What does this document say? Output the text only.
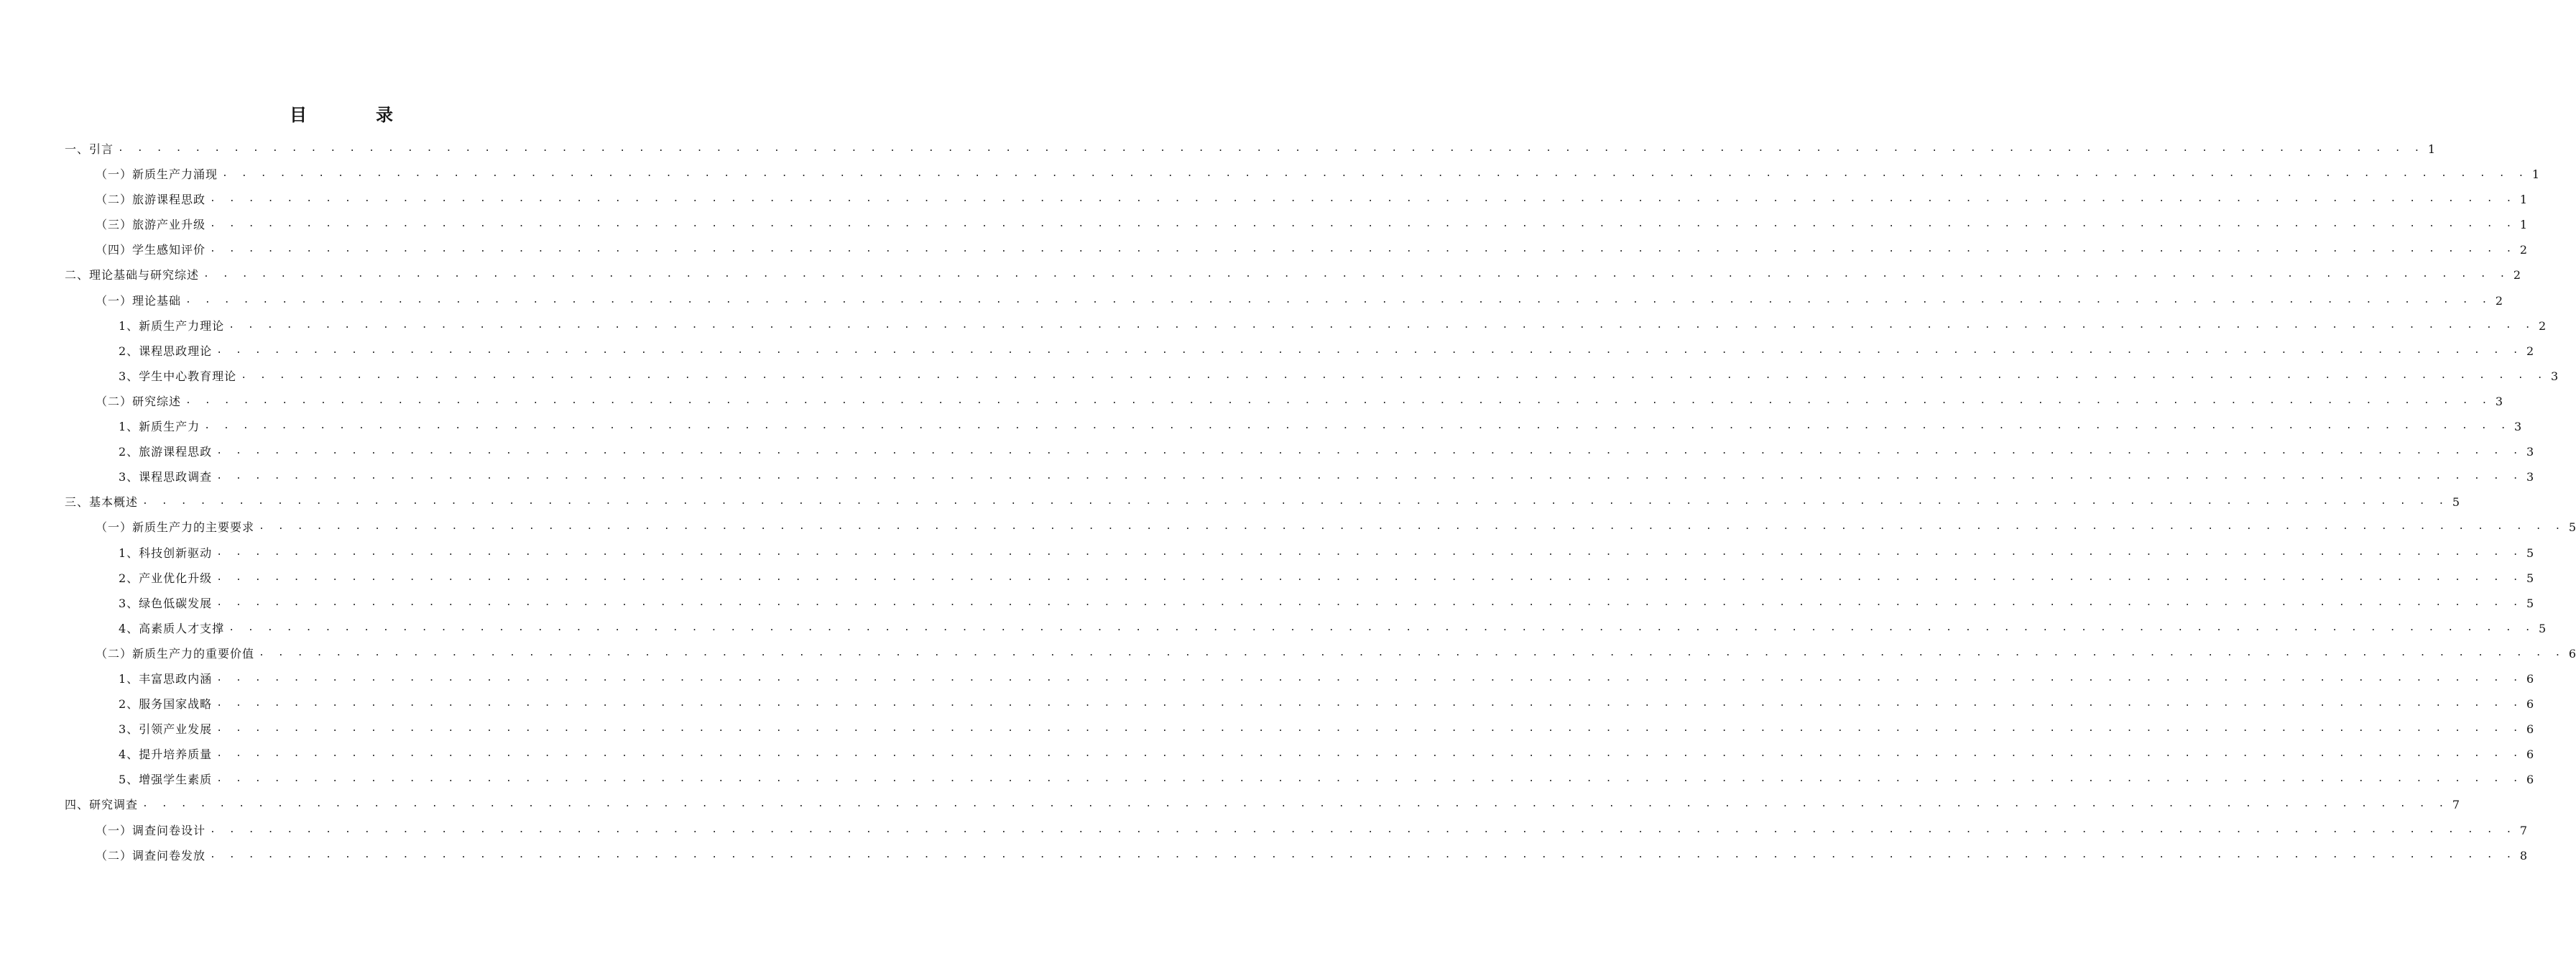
目　录
一、引言 . . . . . . . . . . . . . . . . . . . . . . . . . . . . . . . . . . . . . . . . . . . . . . . . . . . . . . . . . . . . . . . . . . . . . . . . . . . . . . . . . . . . . . . . . . . . . . . . . . . . . . . . . . . . . . . . . . . . . . . . 1
（一）新质生产力涌现 . . . . . . . . . . . . . . . . . . . . . . . . . . . . . . . . . . . . . . . . . . . . . . . . . . . . . . . . . . . . . . . . . . . . . . . . . . . . . . . . . . . . . . . . . . . . . . . . . . . . . . . . . . . . . . . . . . . . . . . . 1
（二）旅游课程思政 . . . . . . . . . . . . . . . . . . . . . . . . . . . . . . . . . . . . . . . . . . . . . . . . . . . . . . . . . . . . . . . . . . . . . . . . . . . . . . . . . . . . . . . . . . . . . . . . . . . . . . . . . . . . . . . . . . . . . . . . 1
（三）旅游产业升级 . . . . . . . . . . . . . . . . . . . . . . . . . . . . . . . . . . . . . . . . . . . . . . . . . . . . . . . . . . . . . . . . . . . . . . . . . . . . . . . . . . . . . . . . . . . . . . . . . . . . . . . . . . . . . . . . . . . . . . . . 1
（四）学生感知评价 . . . . . . . . . . . . . . . . . . . . . . . . . . . . . . . . . . . . . . . . . . . . . . . . . . . . . . . . . . . . . . . . . . . . . . . . . . . . . . . . . . . . . . . . . . . . . . . . . . . . . . . . . . . . . . . . . . . . . . . . 2
二、理论基础与研究综述 . . . . . . . . . . . . . . . . . . . . . . . . . . . . . . . . . . . . . . . . . . . . . . . . . . . . . . . . . . . . . . . . . . . . . . . . . . . . . . . . . . . . . . . . . . . . . . . . . . . . . . . . . . . . . . . . . . . . . . . . 2
（一）理论基础 . . . . . . . . . . . . . . . . . . . . . . . . . . . . . . . . . . . . . . . . . . . . . . . . . . . . . . . . . . . . . . . . . . . . . . . . . . . . . . . . . . . . . . . . . . . . . . . . . . . . . . . . . . . . . . . . . . . . . . . . 2
1、新质生产力理论 . . . . . . . . . . . . . . . . . . . . . . . . . . . . . . . . . . . . . . . . . . . . . . . . . . . . . . . . . . . . . . . . . . . . . . . . . . . . . . . . . . . . . . . . . . . . . . . . . . . . . . . . . . . . . . . . . . . . . . . . 2
2、课程思政理论 . . . . . . . . . . . . . . . . . . . . . . . . . . . . . . . . . . . . . . . . . . . . . . . . . . . . . . . . . . . . . . . . . . . . . . . . . . . . . . . . . . . . . . . . . . . . . . . . . . . . . . . . . . . . . . . . . . . . . . . . 2
3、学生中心教育理论 . . . . . . . . . . . . . . . . . . . . . . . . . . . . . . . . . . . . . . . . . . . . . . . . . . . . . . . . . . . . . . . . . . . . . . . . . . . . . . . . . . . . . . . . . . . . . . . . . . . . . . . . . . . . . . . . . . . . . . . . 3
（二）研究综述 . . . . . . . . . . . . . . . . . . . . . . . . . . . . . . . . . . . . . . . . . . . . . . . . . . . . . . . . . . . . . . . . . . . . . . . . . . . . . . . . . . . . . . . . . . . . . . . . . . . . . . . . . . . . . . . . . . . . . . . . 3
1、新质生产力 . . . . . . . . . . . . . . . . . . . . . . . . . . . . . . . . . . . . . . . . . . . . . . . . . . . . . . . . . . . . . . . . . . . . . . . . . . . . . . . . . . . . . . . . . . . . . . . . . . . . . . . . . . . . . . . . . . . . . . . . 3
2、旅游课程思政 . . . . . . . . . . . . . . . . . . . . . . . . . . . . . . . . . . . . . . . . . . . . . . . . . . . . . . . . . . . . . . . . . . . . . . . . . . . . . . . . . . . . . . . . . . . . . . . . . . . . . . . . . . . . . . . . . . . . . . . . 3
3、课程思政调查 . . . . . . . . . . . . . . . . . . . . . . . . . . . . . . . . . . . . . . . . . . . . . . . . . . . . . . . . . . . . . . . . . . . . . . . . . . . . . . . . . . . . . . . . . . . . . . . . . . . . . . . . . . . . . . . . . . . . . . . . 3
三、基本概述 . . . . . . . . . . . . . . . . . . . . . . . . . . . . . . . . . . . . . . . . . . . . . . . . . . . . . . . . . . . . . . . . . . . . . . . . . . . . . . . . . . . . . . . . . . . . . . . . . . . . . . . . . . . . . . . . . . . . . . . . 5
（一）新质生产力的主要要求 . . . . . . . . . . . . . . . . . . . . . . . . . . . . . . . . . . . . . . . . . . . . . . . . . . . . . . . . . . . . . . . . . . . . . . . . . . . . . . . . . . . . . . . . . . . . . . . . . . . . . . . . . . . . . . . . . . . . . . . . 5
1、科技创新驱动 . . . . . . . . . . . . . . . . . . . . . . . . . . . . . . . . . . . . . . . . . . . . . . . . . . . . . . . . . . . . . . . . . . . . . . . . . . . . . . . . . . . . . . . . . . . . . . . . . . . . . . . . . . . . . . . . . . . . . . . . 5
2、产业优化升级 . . . . . . . . . . . . . . . . . . . . . . . . . . . . . . . . . . . . . . . . . . . . . . . . . . . . . . . . . . . . . . . . . . . . . . . . . . . . . . . . . . . . . . . . . . . . . . . . . . . . . . . . . . . . . . . . . . . . . . . . 5
3、绿色低碳发展 . . . . . . . . . . . . . . . . . . . . . . . . . . . . . . . . . . . . . . . . . . . . . . . . . . . . . . . . . . . . . . . . . . . . . . . . . . . . . . . . . . . . . . . . . . . . . . . . . . . . . . . . . . . . . . . . . . . . . . . . 5
4、高素质人才支撑 . . . . . . . . . . . . . . . . . . . . . . . . . . . . . . . . . . . . . . . . . . . . . . . . . . . . . . . . . . . . . . . . . . . . . . . . . . . . . . . . . . . . . . . . . . . . . . . . . . . . . . . . . . . . . . . . . . . . . . . . 5
（二）新质生产力的重要价值 . . . . . . . . . . . . . . . . . . . . . . . . . . . . . . . . . . . . . . . . . . . . . . . . . . . . . . . . . . . . . . . . . . . . . . . . . . . . . . . . . . . . . . . . . . . . . . . . . . . . . . . . . . . . . . . . . . . . . . . . 6
1、丰富思政内涵 . . . . . . . . . . . . . . . . . . . . . . . . . . . . . . . . . . . . . . . . . . . . . . . . . . . . . . . . . . . . . . . . . . . . . . . . . . . . . . . . . . . . . . . . . . . . . . . . . . . . . . . . . . . . . . . . . . . . . . . . 6
2、服务国家战略 . . . . . . . . . . . . . . . . . . . . . . . . . . . . . . . . . . . . . . . . . . . . . . . . . . . . . . . . . . . . . . . . . . . . . . . . . . . . . . . . . . . . . . . . . . . . . . . . . . . . . . . . . . . . . . . . . . . . . . . . 6
3、引领产业发展 . . . . . . . . . . . . . . . . . . . . . . . . . . . . . . . . . . . . . . . . . . . . . . . . . . . . . . . . . . . . . . . . . . . . . . . . . . . . . . . . . . . . . . . . . . . . . . . . . . . . . . . . . . . . . . . . . . . . . . . . 6
4、提升培养质量 . . . . . . . . . . . . . . . . . . . . . . . . . . . . . . . . . . . . . . . . . . . . . . . . . . . . . . . . . . . . . . . . . . . . . . . . . . . . . . . . . . . . . . . . . . . . . . . . . . . . . . . . . . . . . . . . . . . . . . . . 6
5、增强学生素质 . . . . . . . . . . . . . . . . . . . . . . . . . . . . . . . . . . . . . . . . . . . . . . . . . . . . . . . . . . . . . . . . . . . . . . . . . . . . . . . . . . . . . . . . . . . . . . . . . . . . . . . . . . . . . . . . . . . . . . . . 6
四、研究调查 . . . . . . . . . . . . . . . . . . . . . . . . . . . . . . . . . . . . . . . . . . . . . . . . . . . . . . . . . . . . . . . . . . . . . . . . . . . . . . . . . . . . . . . . . . . . . . . . . . . . . . . . . . . . . . . . . . . . . . . . 7
（一）调查问卷设计 . . . . . . . . . . . . . . . . . . . . . . . . . . . . . . . . . . . . . . . . . . . . . . . . . . . . . . . . . . . . . . . . . . . . . . . . . . . . . . . . . . . . . . . . . . . . . . . . . . . . . . . . . . . . . . . . . . . . . . . . 7
（二）调查问卷发放 . . . . . . . . . . . . . . . . . . . . . . . . . . . . . . . . . . . . . . . . . . . . . . . . . . . . . . . . . . . . . . . . . . . . . . . . . . . . . . . . . . . . . . . . . . . . . . . . . . . . . . . . . . . . . . . . . . . . . . . . 8
